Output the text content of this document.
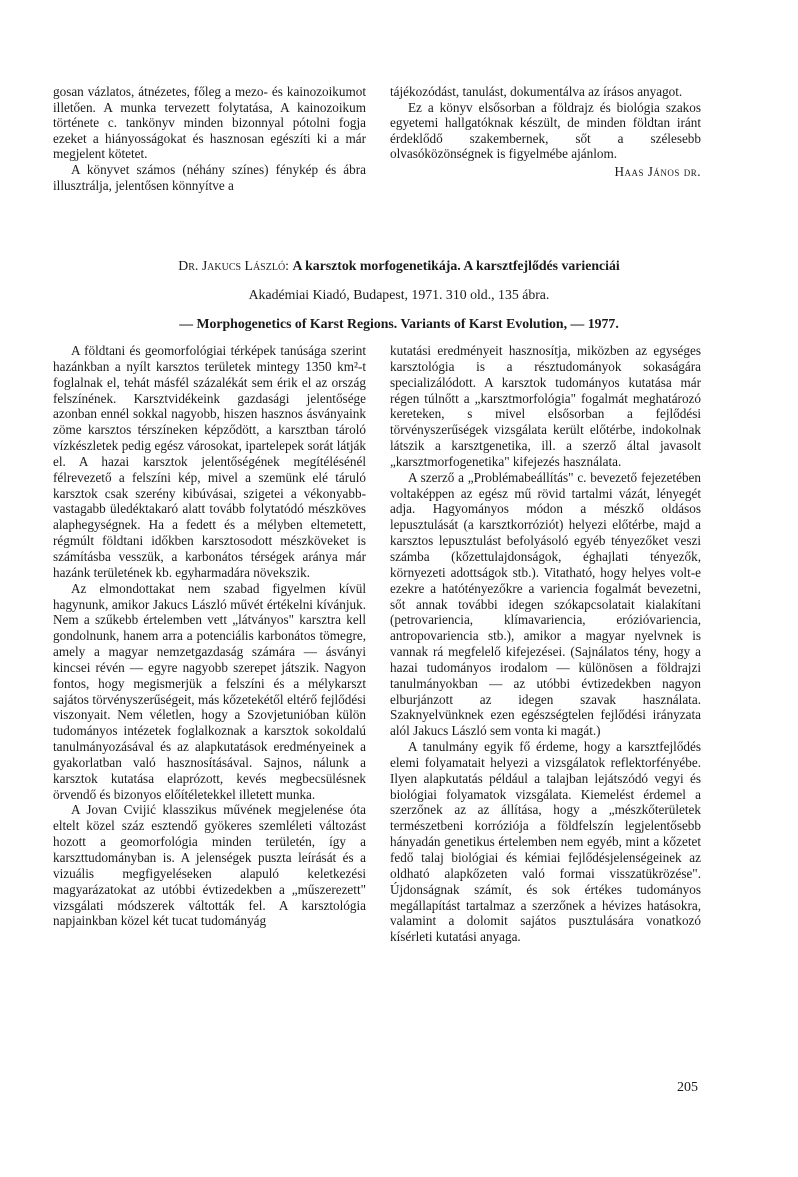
gosan vázlatos, átnézetes, főleg a mezo- és kainozoikumot illetően. A munka tervezett folytatása, A kainozoikum története c. tankönyv minden bizonnyal pótolni fogja ezeket a hiányosságokat és hasznosan egészíti ki a már megjelent kötetet.

A könyvet számos (néhány színes) fénykép és ábra illusztrálja, jelentősen könnyítve a

tájékozódást, tanulást, dokumentálva az írásos anyagot.

Ez a könyv elsősorban a földrajz és biológia szakos egyetemi hallgatóknak készült, de minden földtan iránt érdeklődő szakembernek, sőt a szélesebb olvasóközönségnek is figyelmébe ajánlom.

Haas János dr.

Dr. Jakucs László: A karsztok morfogenetikája. A karsztfejlődés varienciái

Akadémiai Kiadó, Budapest, 1971. 310 old., 135 ábra.

— Morphogenetics of Karst Regions. Variants of Karst Evolution, — 1977.

A földtani és geomorfológiai térképek tanúsága szerint hazánkban a nyílt karsztos területek mintegy 1350 km²-t foglalnak el, tehát másfél százalékát sem érik el az ország felszínének. Karsztvidékeink gazdasági jelentősége azonban ennél sokkal nagyobb, hiszen hasznos ásványaink zöme karsztos térszíneken képződött, a karsztban tároló vízkészletek pedig egész városokat, ipartelepek sorát látják el. A hazai karsztok jelentőségének megítélésénél félrevezető a felszíni kép, mivel a szemünk elé táruló karsztok csak szerény kibúvásai, szigetei a vékonyabb-vastagabb üledéktakaró alatt tovább folytatódó mészköves alaphegységnek. Ha a fedett és a mélyben eltemetett, régmúlt földtani időkben karsztosodott mészköveket is számításba vesszük, a karbonátos térségek aránya már hazánk területének kb. egyharmadára növekszik.

Az elmondottakat nem szabad figyelmen kívül hagynunk, amikor Jakucs László művét értékelni kívánjuk. Nem a szűkebb értelemben vett „látványos" karsztra kell gondolnunk, hanem arra a potenciális karbonátos tömegre, amely a magyar nemzetgazdaság számára — ásványi kincsei révén — egyre nagyobb szerepet játszik. Nagyon fontos, hogy megismerjük a felszíni és a mélykarszt sajátos törvényszerűségeit, más kőzetekétől eltérő fejlődési viszonyait. Nem véletlen, hogy a Szovjetunióban külön tudományos intézetek foglalkoznak a karsztok sokoldalú tanulmányozásával és az alapkutatások eredményeinek a gyakorlatban való hasznosításával. Sajnos, nálunk a karsztok kutatása elaprózott, kevés megbecsülésnek örvendő és bizonyos előítéletekkel illetett munka.

A Jovan Cvijić klasszikus művének megjelenése óta eltelt közel száz esztendő gyökeres szemléleti változást hozott a geomorfológia minden területén, így a karszttudományban is. A jelenségek puszta leírását és a vizuális megfigyeléseken alapuló keletkezési magyarázatokat az utóbbi évtizedekben a „műszerezett" vizsgálati módszerek váltották fel. A karsztológia napjainkban közel két tucat tudományág

kutatási eredményeit hasznosítja, miközben az egységes karsztológia is a résztudományok sokaságára specializálódott. A karsztok tudományos kutatása már régen túlnőtt a „karsztmorfológia" fogalmát meghatározó kereteken, s mivel elsősorban a fejlődési törvényszerűségek vizsgálata került előtérbe, indokolnak látszik a karsztgenetika, ill. a szerző által javasolt „karsztmorfogenetika" kifejezés használata.

A szerző a „Problémabeállítás" c. bevezető fejezetében voltaképpen az egész mű rövid tartalmi vázát, lényegét adja. Hagyományos módon a mészkő oldásos lepusztulását (a karsztkorróziót) helyezi előtérbe, majd a karsztos lepusztulást befolyásoló egyéb tényezőket veszi számba (kőzettulajdonságok, éghajlati tényezők, környezeti adottságok stb.). Vitatható, hogy helyes volt-e ezekre a hatótényezőkre a variencia fogalmát bevezetni, sőt annak további idegen szókapcsolatait kialakítani (petrovariencia, klímavariencia, erózióvariencia, antropovariencia stb.), amikor a magyar nyelvnek is vannak rá megfelelő kifejezései. (Sajnálatos tény, hogy a hazai tudományos irodalom — különösen a földrajzi tanulmányokban — az utóbbi évtizedekben nagyon elburjánzott az idegen szavak használata. Szaknyelvünknek ezen egészségtelen fejlődési irányzata alól Jakucs László sem vonta ki magát.)

A tanulmány egyik fő érdeme, hogy a karsztfejlődés elemi folyamatait helyezi a vizsgálatok reflektorfényébe. Ilyen alapkutatás például a talajban lejátszódó vegyi és biológiai folyamatok vizsgálata. Kiemelést érdemel a szerzőnek az az állítása, hogy a „mészkőterületek természetbeni korróziója a földfelszín legjelentősebb hányadán genetikus értelemben nem egyéb, mint a kőzetet fedő talaj biológiai és kémiai fejlődésjelenségeinek az oldható alapkőzeten való formai visszatükrözése". Újdonságnak számít, és sok értékes tudományos megállapítást tartalmaz a szerzőnek a hévizes hatásokra, valamint a dolomit sajátos pusztulására vonatkozó kísérleti kutatási anyaga.

205
